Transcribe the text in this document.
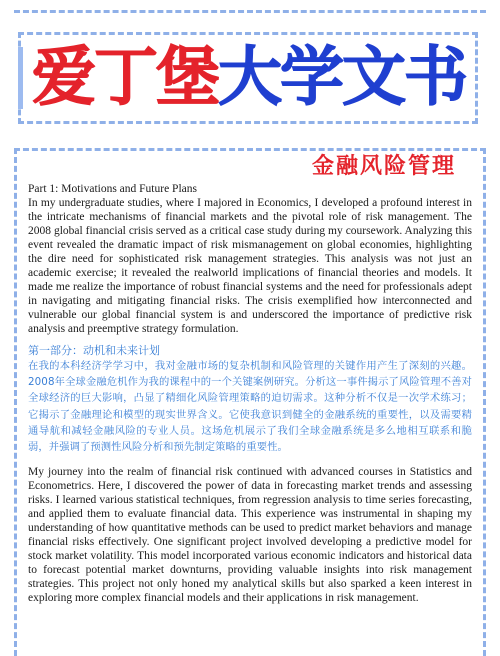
爱丁堡大学文书
金融风险管理

Part 1: Motivations and Future Plans

In my undergraduate studies, where I majored in Economics, I developed a profound interest in the intricate mechanisms of financial markets and the pivotal role of risk management. The 2008 global financial crisis served as a critical case study during my coursework. Analyzing this event revealed the dramatic impact of risk mismanagement on global economies, highlighting the dire need for sophisticated risk management strategies. This analysis was not just an academic exercise; it revealed the realworld implications of financial theories and models. It made me realize the importance of robust financial systems and the need for professionals adept in navigating and mitigating financial risks. The crisis exemplified how interconnected and vulnerable our global financial system is and underscored the importance of predictive risk analysis and preemptive strategy formulation.

第一部分：动机和未来计划

在我的本科经济学学习中，我对金融市场的复杂机制和风险管理的关键作用产生了深刻的兴趣。2008年全球金融危机作为我的课程中的一个关键案例研究。分析这一事件揭示了风险管理不善对全球经济的巨大影响，凸显了精细化风险管理策略的迫切需求。这种分析不仅是一次学术练习；它揭示了金融理论和模型的现实世界含义。它使我意识到健全的金融系统的重要性，以及需要精通导航和减轻金融风险的专业人员。这场危机展示了我们全球金融系统是多么地相互联系和脆弱，并强调了预测性风险分析和预先制定策略的重要性。

My journey into the realm of financial risk continued with advanced courses in Statistics and Econometrics. Here, I discovered the power of data in forecasting market trends and assessing risks. I learned various statistical techniques, from regression analysis to time series forecasting, and applied them to evaluate financial data. This experience was instrumental in shaping my understanding of how quantitative methods can be used to predict market behaviors and manage financial risks effectively. One significant project involved developing a predictive model for stock market volatility. This model incorporated various economic indicators and historical data to forecast potential market downturns, providing valuable insights into risk management strategies. This project not only honed my analytical skills but also sparked a keen interest in exploring more complex financial models and their applications in risk management.
